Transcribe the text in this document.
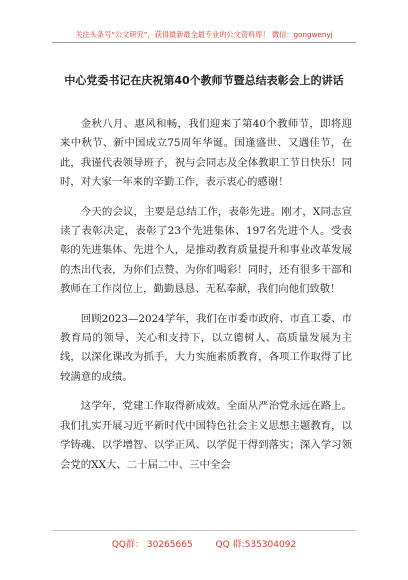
关注头条号“公文研究”，获得最新最全最专业的公文资料库！ 微信：gongwenyj
中心党委书记在庆祝第40个教师节暨总结表彰会上的讲话

金秋八月、惠风和畅，我们迎来了第40个教师节，即将迎来中秋节、新中国成立75周年华诞。国逢盛世、又遇佳节，在此，我谨代表领导班子，祝与会同志及全体教职工节日快乐！同时，对大家一年来的辛勤工作，表示衷心的感谢！

今天的会议，主要是总结工作，表彰先进。刚才，X同志宣读了表彰决定，表彰了23个先进集体、197名先进个人。受表彰的先进集体、先进个人，是推动教育质量提升和事业改革发展的杰出代表，为你们点赞、为你们喝彩！同时，还有很多干部和教师在工作岗位上，勤勤恳恳、无私奉献，我们向他们致敬！

回顾2023—2024学年，我们在市委市政府、市直工委、市教育局的领导、关心和支持下，以立德树人、高质量发展为主线，以深化课改为抓手，大力实施素质教育，各项工作取得了比较满意的成绩。

这学年，党建工作取得新成效。全面从严治党永远在路上。我们扎实开展习近平新时代中国特色社会主义思想主题教育，以学铸魂、以学增智、以学正风、以学促干得到落实；深入学习领会党的XX大、二十届二中、三中全会

QQ群： 30265665	QQ 群:535304092
